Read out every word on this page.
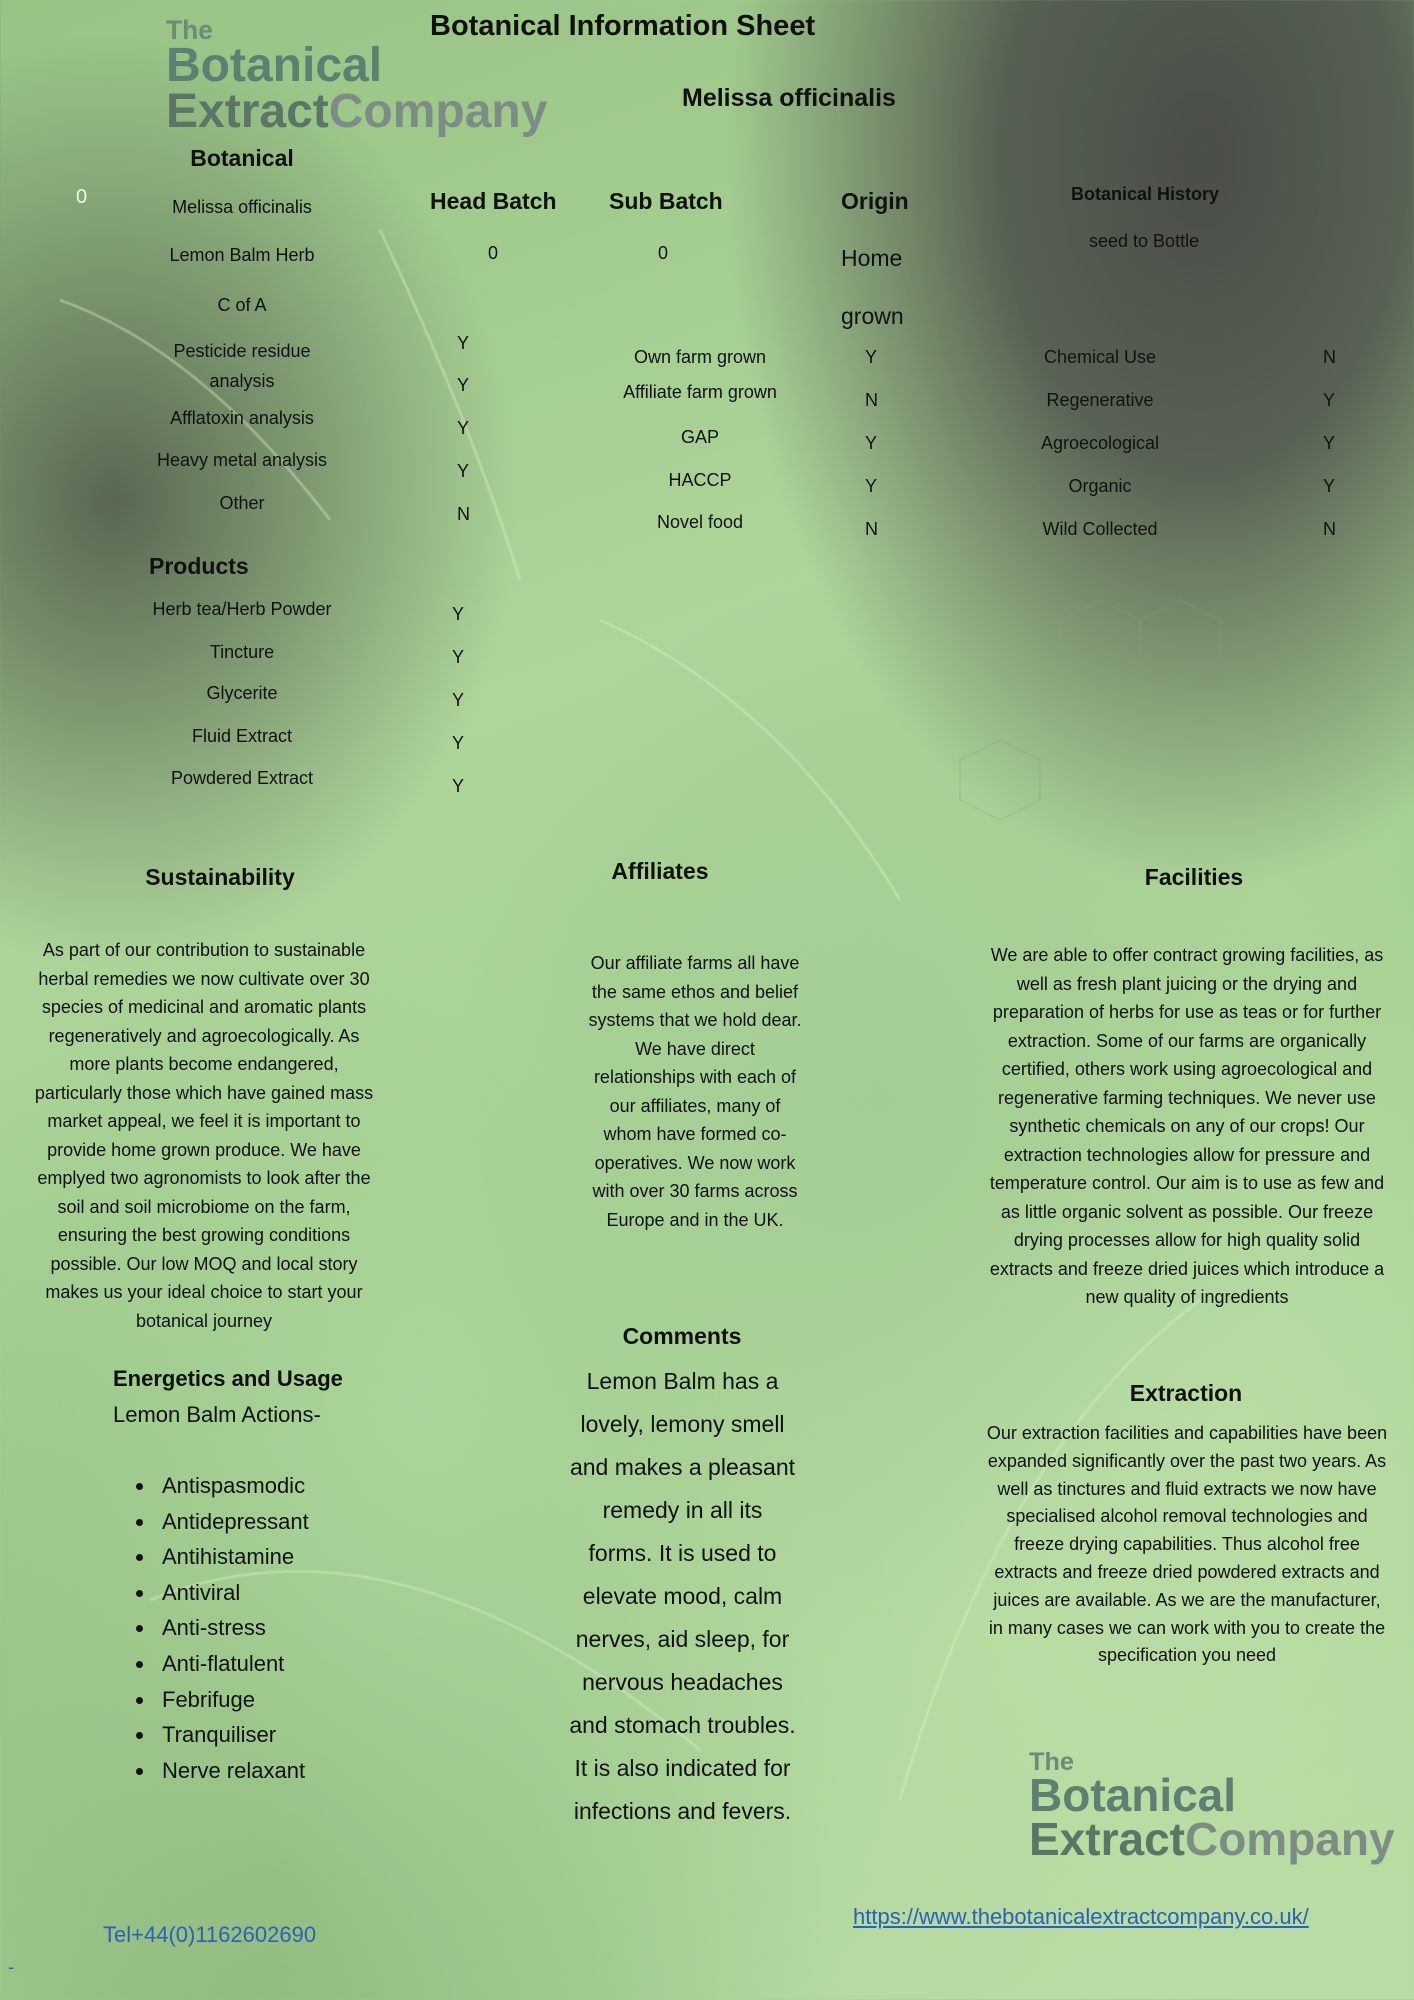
The
Botanical
ExtractCompany
Botanical Information Sheet
Melissa officinalis
Botanical
0	Melissa officinalis
Lemon Balm Herb
C of A
Pesticide residue analysis
Afflatoxin analysis
Heavy metal analysis
Other
Y
Y
Y
Y
N
Head Batch
0
Sub Batch
0
Origin
Home
grown
Own farm grown
Affiliate farm grown
GAP
HACCP
Novel food
Y
N
Y
Y
N
Botanical History
seed to Bottle
Chemical Use
Regenerative
Agroecological
Organic
Wild Collected
N
Y
Y
Y
N
Products
Herb tea/Herb Powder
Tincture
Glycerite
Fluid Extract
Powdered Extract
Y
Y
Y
Y
Y
Sustainability
As part of our contribution to sustainable
herbal remedies we now cultivate over 30
species of medicinal and aromatic plants
regeneratively and agroecologically. As
more plants become endangered,
particularly those which have gained mass
market appeal, we feel it is important to
provide home grown produce. We have
emplyed two agronomists to look after the
soil and soil microbiome on the farm,
ensuring the best growing conditions
possible. Our low MOQ and local story
makes us your ideal choice to start your
botanical journey
Affiliates
Our affiliate farms all have
the same ethos and belief
systems that we hold dear.
We have direct
relationships with each of
our affiliates, many of
whom have formed co-
operatives. We now work
with over 30 farms across
Europe and in the UK.
Facilities
We are able to offer contract growing facilities, as
well as fresh plant juicing or the drying and
preparation of herbs for use as teas or for further
extraction. Some of our farms are organically
certified, others work using agroecological and
regenerative farming techniques. We never use
synthetic chemicals on any of our crops! Our
extraction technologies allow for pressure and
temperature control. Our aim is to use as few and
as little organic solvent as possible. Our freeze
drying processes allow for high quality solid
extracts and freeze dried juices which introduce a
new quality of ingredients
Energetics and Usage
Lemon Balm Actions-
• Antispasmodic
• Antidepressant
• Antihistamine
• Antiviral
• Anti-stress
• Anti-flatulent
• Febrifuge
• Tranquiliser
• Nerve relaxant
Comments
Lemon Balm has a
lovely, lemony smell
and makes a pleasant
remedy in all its
forms. It is used to
elevate mood, calm
nerves, aid sleep, for
nervous headaches
and stomach troubles.
It is also indicated for
infections and fevers.
Extraction
Our extraction facilities and capabilities have been
expanded significantly over the past two years. As
well as tinctures and fluid extracts we now have
specialised alcohol removal technologies and
freeze drying capabilities. Thus alcohol free
extracts and freeze dried powdered extracts and
juices are available. As we are the manufacturer,
in many cases we can work with you to create the
specification you need
The
Botanical
ExtractCompany
https://www.thebotanicalextractcompany.co.uk/
Tel+44(0)1162602690
-
